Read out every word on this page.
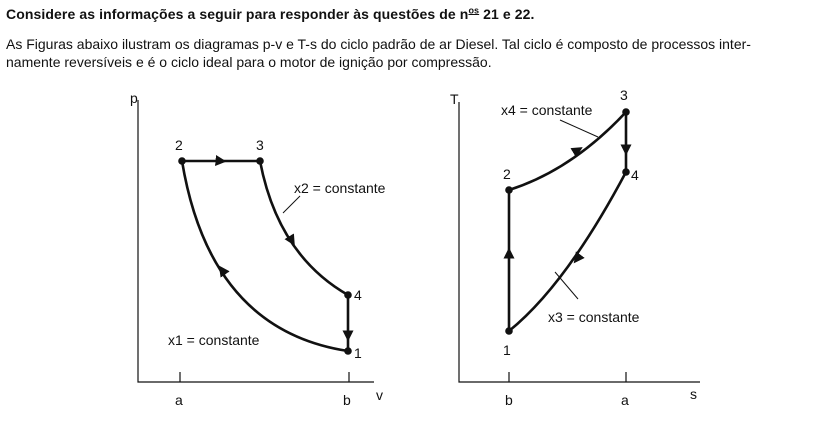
Considere as informações a seguir para responder às questões de $n^{os}$ 21 e 22.
As Figuras abaixo ilustram os diagramas p-v e T-s do ciclo padrão de ar Diesel. Tal ciclo é composto de processos inter-
namente reversíveis e é o ciclo ideal para o motor de ignição por compressão.
p
v
a	b
2	3
4
1
x2 = constante
x1 = constante
T
s
b	a
1
2
3
4
x4 = constante
x3 = constante
